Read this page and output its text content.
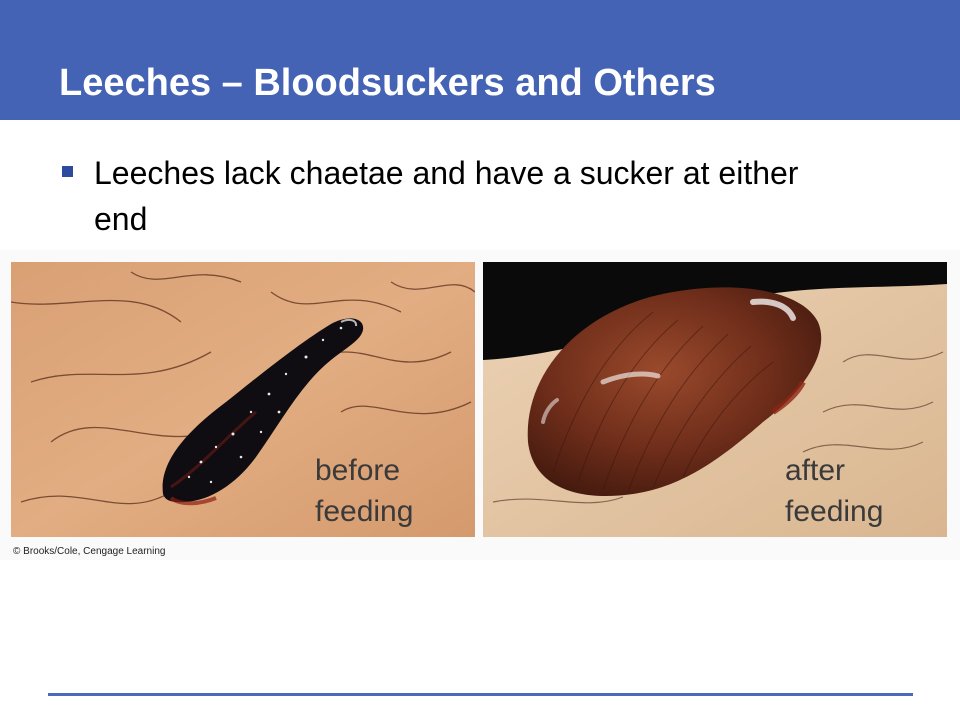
Leeches – Bloodsuckers and Others
Leeches lack chaetae and have a sucker at either end
before
feeding
after
feeding
© Brooks/Cole, Cengage Learning
